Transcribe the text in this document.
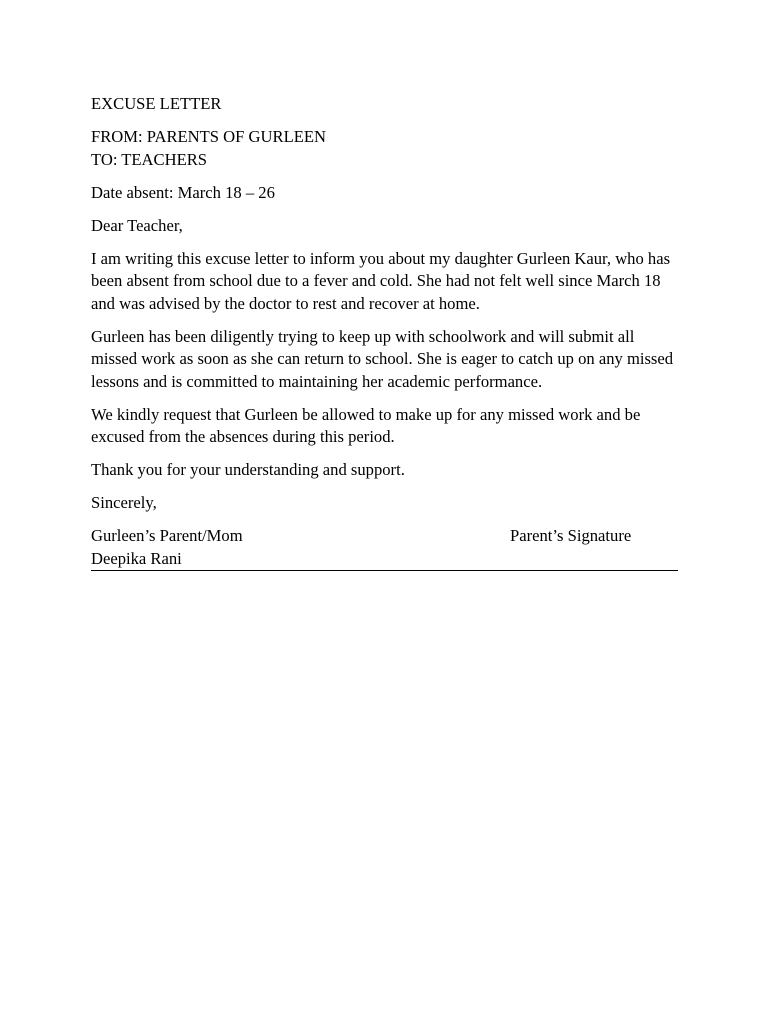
EXCUSE LETTER

FROM: PARENTS OF GURLEEN
TO: TEACHERS

Date absent: March 18 – 26

Dear Teacher,

I am writing this excuse letter to inform you about my daughter Gurleen Kaur, who has been absent from school due to a fever and cold. She had not felt well since March 18 and was advised by the doctor to rest and recover at home.

Gurleen has been diligently trying to keep up with schoolwork and will submit all missed work as soon as she can return to school. She is eager to catch up on any missed lessons and is committed to maintaining her academic performance.

We kindly request that Gurleen be allowed to make up for any missed work and be excused from the absences during this period.

Thank you for your understanding and support.

Sincerely,

Gurleen’s Parent/Mom
Deepika Rani
Parent’s Signature
